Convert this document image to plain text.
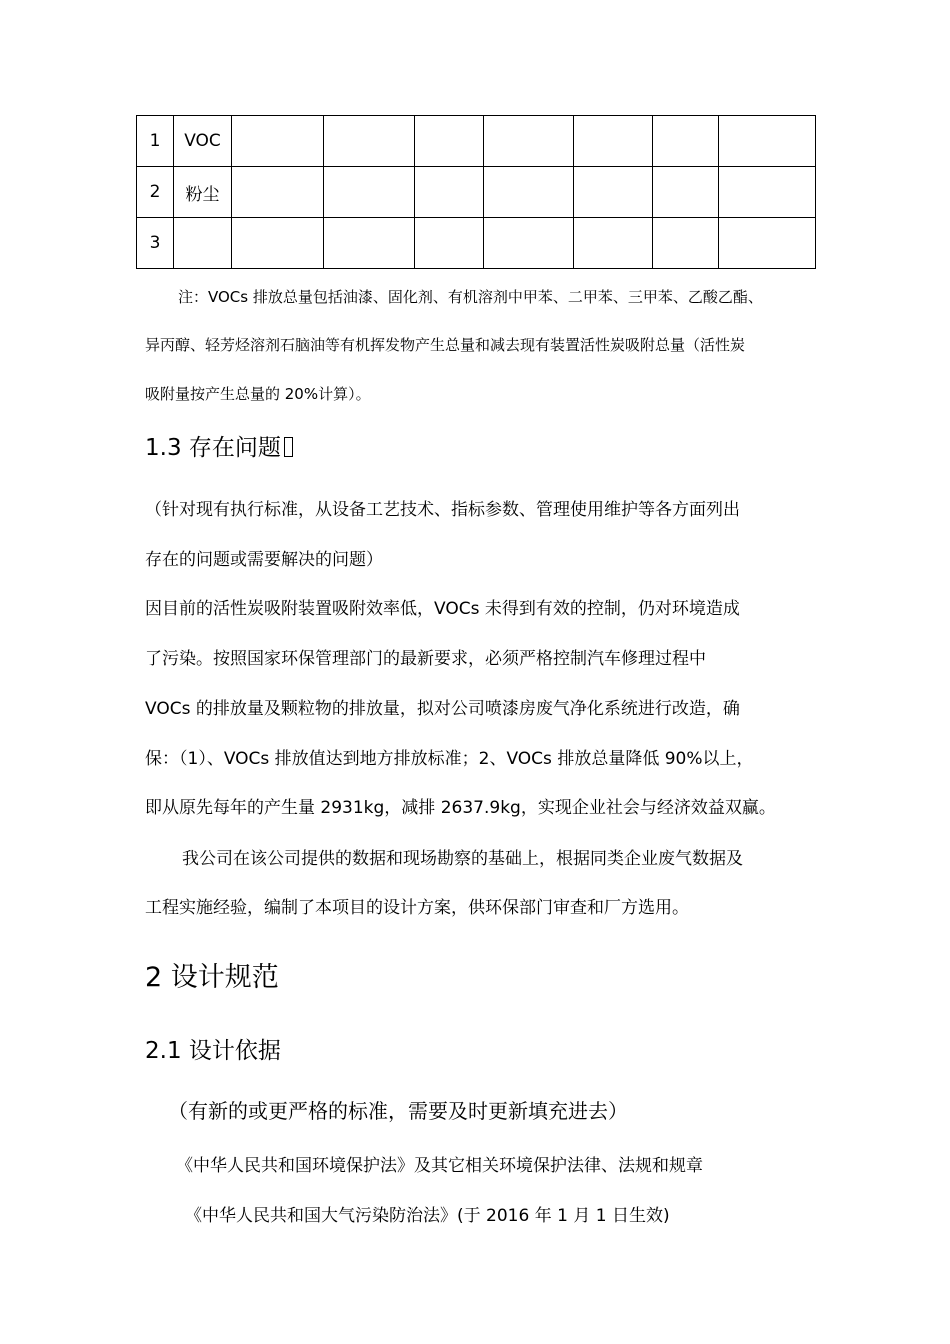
1	VOC							
2	粉尘							
3								
注：VOCs 排放总量包括油漆、固化剂、有机溶剂中甲苯、二甲苯、三甲苯、乙酸乙酯、
异丙醇、轻芳烃溶剂石脑油等有机挥发物产生总量和减去现有装置活性炭吸附总量（活性炭
吸附量按产生总量的 20%计算）。
1.3 存在问题
（针对现有执行标准，从设备工艺技术、指标参数、管理使用维护等各方面列出
存在的问题或需要解决的问题）
因目前的活性炭吸附装置吸附效率低，VOCs 未得到有效的控制，仍对环境造成
了污染。按照国家环保管理部门的最新要求，必须严格控制汽车修理过程中
VOCs 的排放量及颗粒物的排放量，拟对公司喷漆房废气净化系统进行改造，确
保：（1）、VOCs 排放值达到地方排放标准；2、VOCs 排放总量降低 90%以上，
即从原先每年的产生量 2931kg，减排 2637.9kg，实现企业社会与经济效益双赢。
我公司在该公司提供的数据和现场勘察的基础上，根据同类企业废气数据及
工程实施经验，编制了本项目的设计方案，供环保部门审查和厂方选用。
2 设计规范
2.1 设计依据
（有新的或更严格的标准，需要及时更新填充进去）
《中华人民共和国环境保护法》及其它相关环境保护法律、法规和规章
《中华人民共和国大气污染防治法》(于 2016 年 1 月 1 日生效)
